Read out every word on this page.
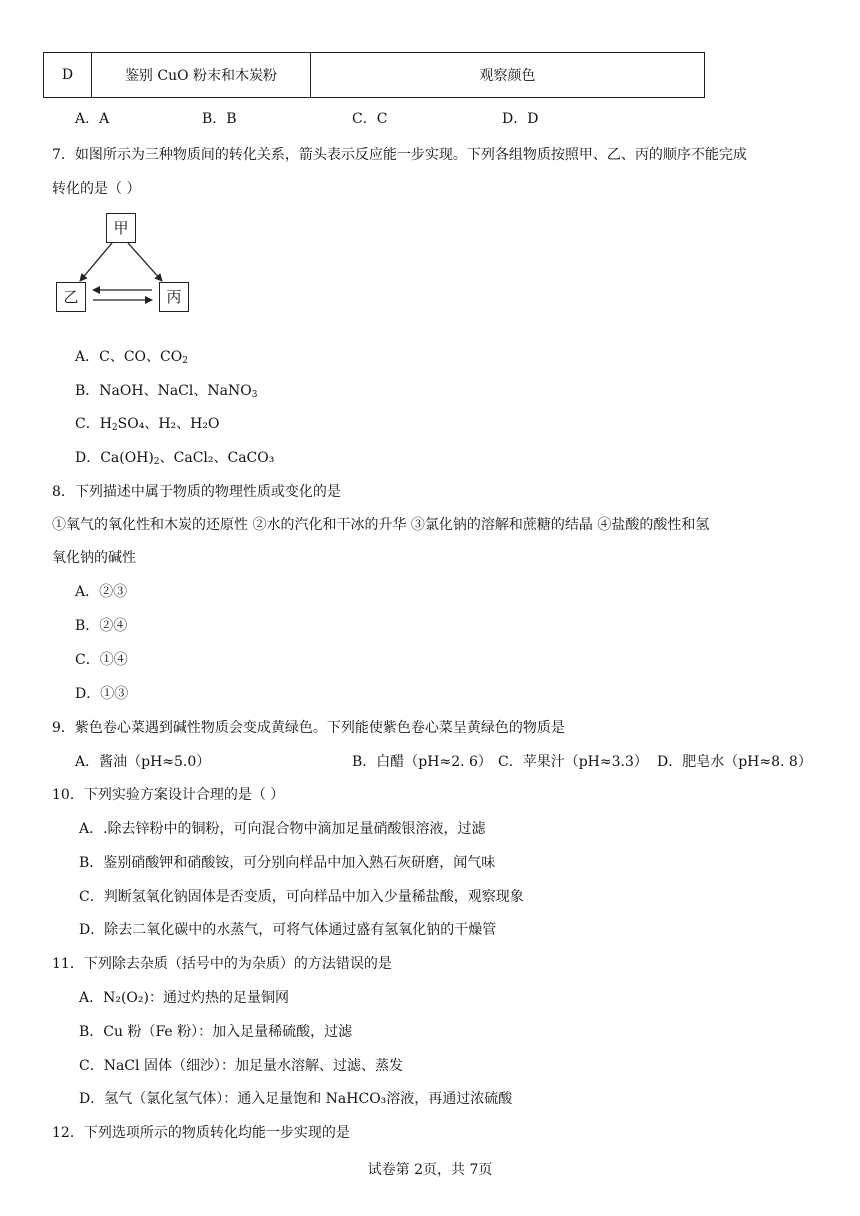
D	鉴别 CuO 粉末和木炭粉	观察颜色
A．A	B．B	C．C	D．D
7．如图所示为三种物质间的转化关系，箭头表示反应能一步实现。下列各组物质按照甲、乙、丙的顺序不能完成
转化的是（ ）
甲
乙	丙
A．C、CO、$CO_2$
B．NaOH、NaCl、NaNO$_3$
C．$H_2SO_4$、H₂、H₂O
D．$Ca(OH)_2$、CaCl₂、CaCO₃
8．下列描述中属于物质的物理性质或变化的是
①氧气的氧化性和木炭的还原性 ②水的汽化和干冰的升华 ③氯化钠的溶解和蔗糖的结晶 ④盐酸的酸性和氢
氧化钠的碱性
A．②③
B．②④
C．①④
D．①③
9．紫色卷心菜遇到碱性物质会变成黄绿色。下列能使紫色卷心菜呈黄绿色的物质是
A．酱油（pH≈5.0）	B．白醋（pH≈2. 6） C．苹果汁（pH≈3.3） D．肥皂水（pH≈8. 8）
10．下列实验方案设计合理的是（ ）
A．.除去锌粉中的铜粉，可向混合物中滴加足量硝酸银溶液，过滤
B．鉴别硝酸钾和硝酸铵，可分别向样品中加入熟石灰研磨，闻气味
C．判断氢氧化钠固体是否变质，可向样品中加入少量稀盐酸，观察现象
D．除去二氧化碳中的水蒸气，可将气体通过盛有氢氧化钠的干燥管
11．下列除去杂质（括号中的为杂质）的方法错误的是
A．N₂(O₂)：通过灼热的足量铜网
B．Cu 粉（Fe 粉）：加入足量稀硫酸，过滤
C．NaCl 固体（细沙）：加足量水溶解、过滤、蒸发
D．氢气（氯化氢气体）：通入足量饱和 NaHCO₃溶液，再通过浓硫酸
12．下列选项所示的物质转化均能一步实现的是
试卷第 2页，共 7页
